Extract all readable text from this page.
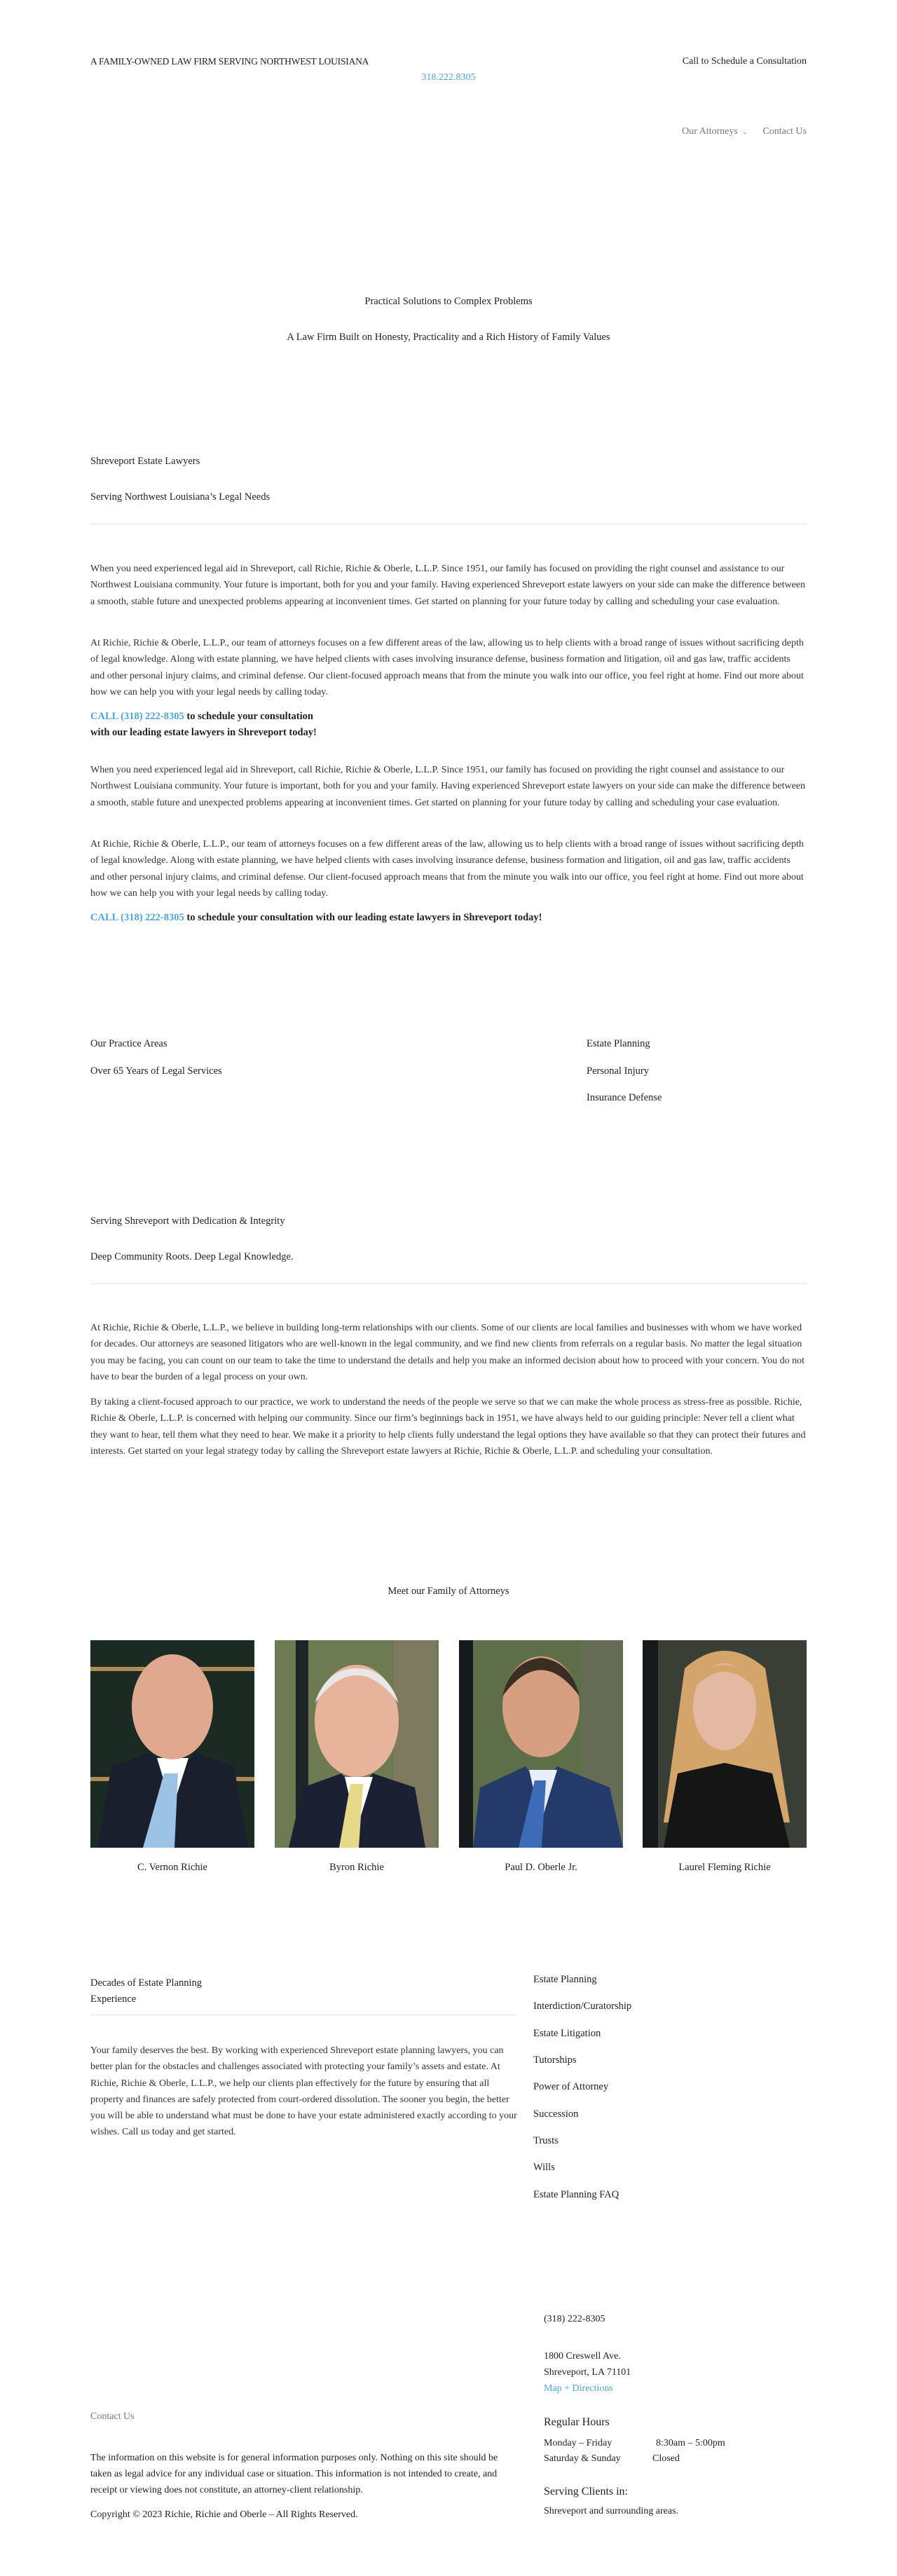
A FAMILY-OWNED LAW FIRM SERVING NORTHWEST LOUISIANA	Call to Schedule a Consultation
318.222.8305
Our Attorneys ⌄ Contact Us
Practical Solutions to Complex Problems
A Law Firm Built on Honesty, Practicality and a Rich History of Family Values
Shreveport Estate Lawyers
Serving Northwest Louisiana’s Legal Needs

When you need experienced legal aid in Shreveport, call Richie, Richie & Oberle, L.L.P. Since 1951, our family has focused on providing the right counsel and assistance to our Northwest Louisiana community. Your future is important, both for you and your family. Having experienced Shreveport estate lawyers on your side can make the difference between a smooth, stable future and unexpected problems appearing at inconvenient times. Get started on planning for your future today by calling and scheduling your case evaluation.

At Richie, Richie & Oberle, L.L.P., our team of attorneys focuses on a few different areas of the law, allowing us to help clients with a broad range of issues without sacrificing depth of legal knowledge. Along with estate planning, we have helped clients with cases involving insurance defense, business formation and litigation, oil and gas law, traffic accidents and other personal injury claims, and criminal defense. Our client-focused approach means that from the minute you walk into our office, you feel right at home. Find out more about how we can help you with your legal needs by calling today.

CALL (318) 222-8305 to schedule your consultation
with our leading estate lawyers in Shreveport today!

When you need experienced legal aid in Shreveport, call Richie, Richie & Oberle, L.L.P. Since 1951, our family has focused on providing the right counsel and assistance to our Northwest Louisiana community. Your future is important, both for you and your family. Having experienced Shreveport estate lawyers on your side can make the difference between a smooth, stable future and unexpected problems appearing at inconvenient times. Get started on planning for your future today by calling and scheduling your case evaluation.

At Richie, Richie & Oberle, L.L.P., our team of attorneys focuses on a few different areas of the law, allowing us to help clients with a broad range of issues without sacrificing depth of legal knowledge. Along with estate planning, we have helped clients with cases involving insurance defense, business formation and litigation, oil and gas law, traffic accidents and other personal injury claims, and criminal defense. Our client-focused approach means that from the minute you walk into our office, you feel right at home. Find out more about how we can help you with your legal needs by calling today.

CALL (318) 222-8305 to schedule your consultation with our leading estate lawyers in Shreveport today!
Our Practice Areas
Over 65 Years of Legal Services
Estate Planning
Personal Injury
Insurance Defense
Serving Shreveport with Dedication & Integrity
Deep Community Roots. Deep Legal Knowledge.

At Richie, Richie & Oberle, L.L.P., we believe in building long-term relationships with our clients. Some of our clients are local families and businesses with whom we have worked for decades. Our attorneys are seasoned litigators who are well-known in the legal community, and we find new clients from referrals on a regular basis. No matter the legal situation you may be facing, you can count on our team to take the time to understand the details and help you make an informed decision about how to proceed with your concern. You do not have to bear the burden of a legal process on your own.

By taking a client-focused approach to our practice, we work to understand the needs of the people we serve so that we can make the whole process as stress-free as possible. Richie, Richie & Oberle, L.L.P. is concerned with helping our community. Since our firm’s beginnings back in 1951, we have always held to our guiding principle: Never tell a client what they want to hear, tell them what they need to hear. We make it a priority to help clients fully understand the legal options they have available so that they can protect their futures and interests. Get started on your legal strategy today by calling the Shreveport estate lawyers at Richie, Richie & Oberle, L.L.P. and scheduling your consultation.

Meet our Family of Attorneys
C. Vernon Richie	Byron Richie	Paul D. Oberle Jr.	Laurel Fleming Richie
Decades of Estate Planning
Experience

Your family deserves the best. By working with experienced Shreveport estate planning lawyers, you can better plan for the obstacles and challenges associated with protecting your family’s assets and estate. At Richie, Richie & Oberle, L.L.P., we help our clients plan effectively for the future by ensuring that all property and finances are safely protected from court-ordered dissolution. The sooner you begin, the better you will be able to understand what must be done to have your estate administered exactly according to your wishes. Call us today and get started.

Estate Planning
Interdiction/Curatorship
Estate Litigation
Tutorships
Power of Attorney
Succession
Trusts
Wills
Estate Planning FAQ
Contact Us

The information on this website is for general information purposes only. Nothing on this site should be taken as legal advice for any individual case or situation. This information is not intended to create, and receipt or viewing does not constitute, an attorney-client relationship.

Copyright © 2023 Richie, Richie and Oberle – All Rights Reserved.

(318) 222-8305
1800 Creswell Ave.
Shreveport, LA 71101
Map + Directions
Regular Hours
Monday – Friday	8:30am – 5:00pm
Saturday & Sunday	Closed
Serving Clients in:
Shreveport and surrounding areas.
